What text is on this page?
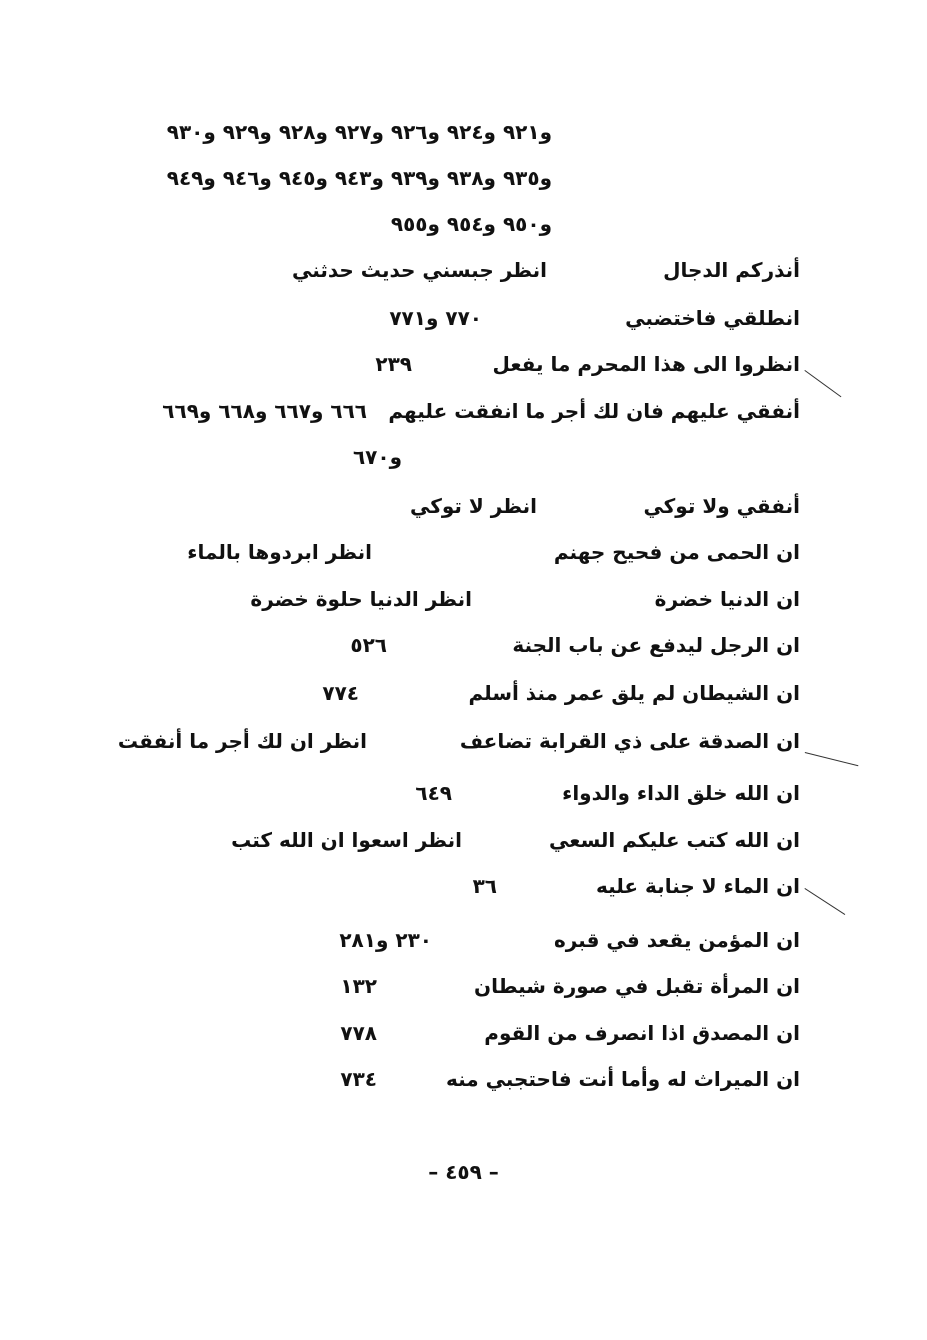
و٩٢١ و٩٢٤ و٩٢٦ و٩٢٧ و٩٢٨ و٩٢٩ و٩٣٠
و٩٣٥ و٩٣٨ و٩٣٩ و٩٤٣ و٩٤٥ و٩٤٦ و٩٤٩
و٩٥٠ و٩٥٤ و٩٥٥
أنذركم الدجال
انظر جبسني حديث حدثني
انطلقي فاختضبي
٧٧٠ و٧٧١
انظروا الى هذا المحرم ما يفعل
٢٣٩
أنفقي عليهم فان لك أجر ما انفقت عليهم
٦٦٦ و٦٦٧ و٦٦٨ و٦٦٩
و٦٧٠
أنفقي ولا توكي
انظر لا توكي
ان الحمى من فحيح جهنم
انظر ابردوها بالماء
ان الدنيا خضرة
انظر الدنيا حلوة خضرة
ان الرجل ليدفع عن باب الجنة
٥٢٦
ان الشيطان لم يلق عمر منذ أسلم
٧٧٤
ان الصدقة على ذي القرابة تضاعف
انظر ان لك أجر ما أنفقت
ان الله خلق الداء والدواء
٦٤٩
ان الله كتب عليكم السعي
انظر اسعوا ان الله كتب
ان الماء لا جنابة عليه
٣٦
ان المؤمن يقعد في قبره
٢٣٠ و٢٨١
ان المرأة تقبل في صورة شيطان
١٣٢
ان المصدق اذا انصرف من القوم
٧٧٨
ان الميراث له وأما أنت فاحتجبي منه
٧٣٤
– ٤٥٩ –
